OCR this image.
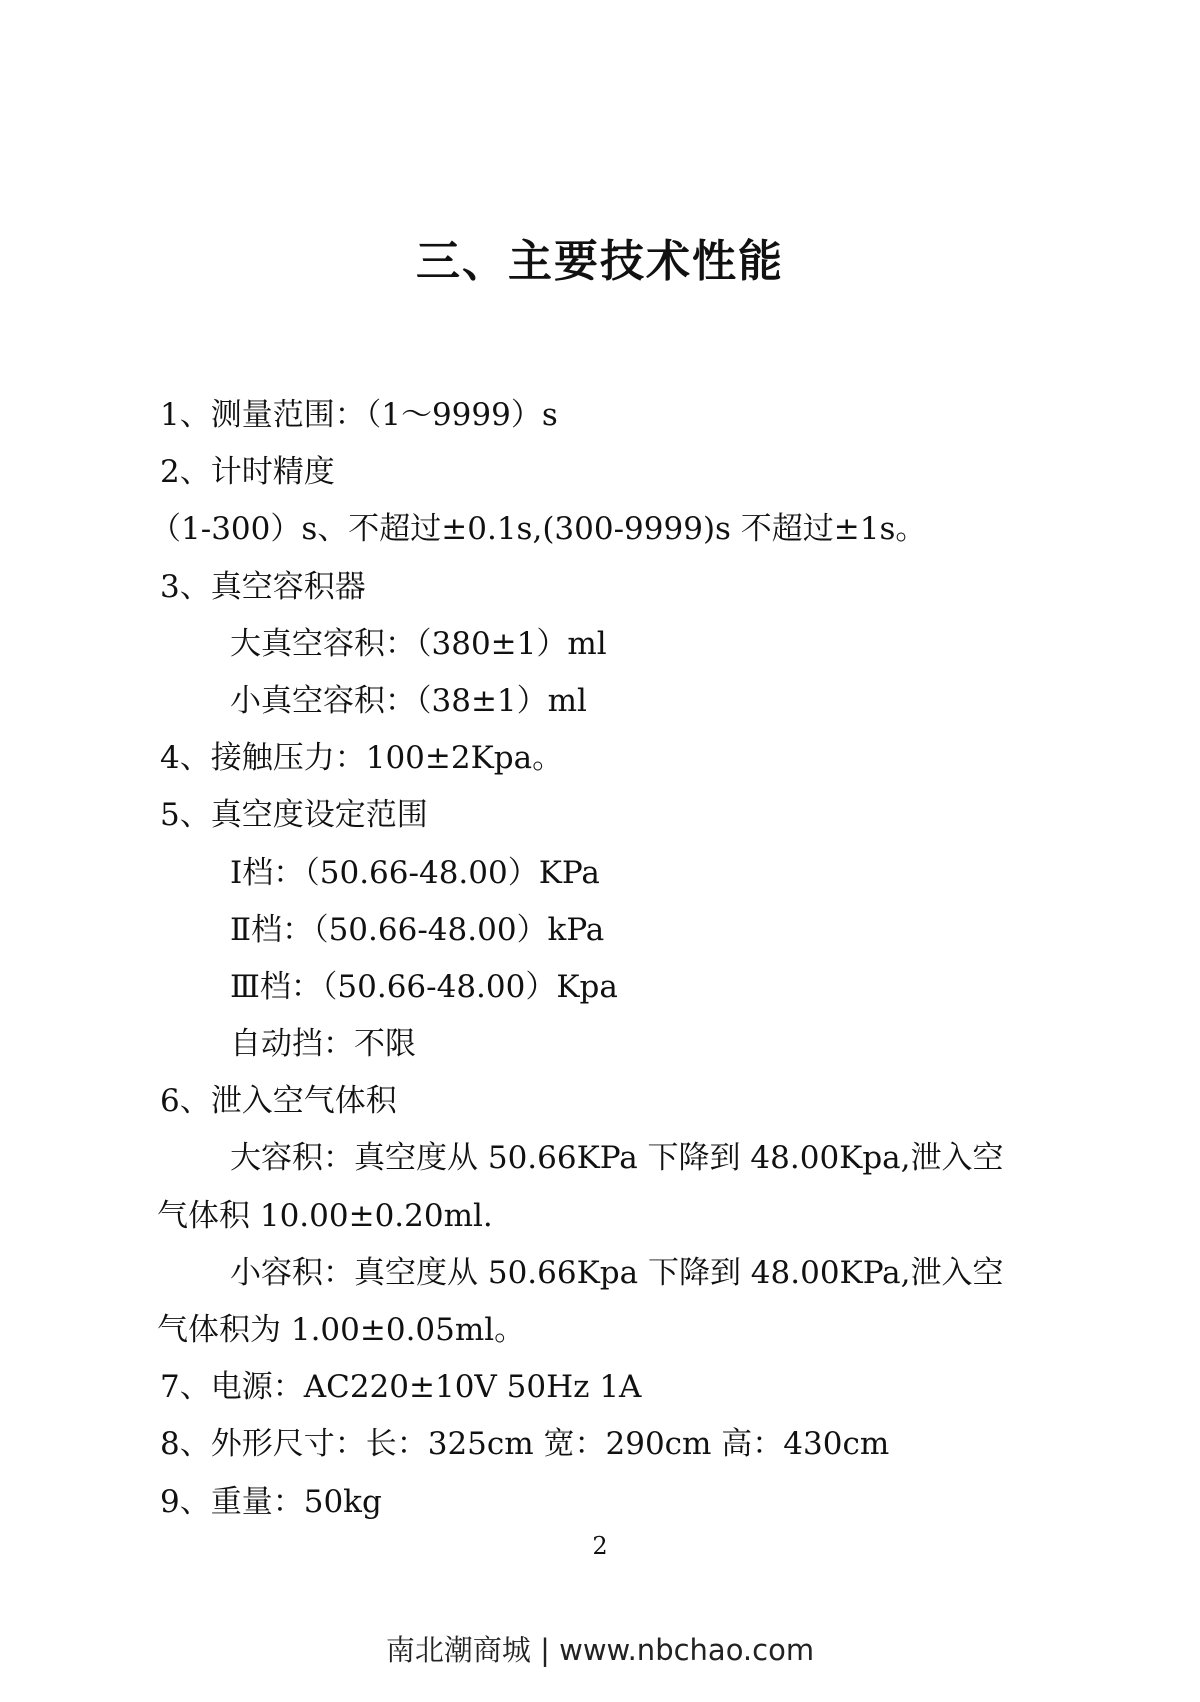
三、主要技术性能
1、测量范围：（1～9999）s
2、计时精度
（1-300）s、不超过±0.1s,(300-9999)s 不超过±1s。
3、真空容积器
大真空容积：（380±1）ml
小真空容积：（38±1）ml
4、接触压力：100±2Kpa。
5、真空度设定范围
Ⅰ档：（50.66-48.00）KPa
Ⅱ档：（50.66-48.00）kPa
Ⅲ档：（50.66-48.00）Kpa
自动挡：不限
6、泄入空气体积
大容积：真空度从 50.66KPa 下降到 48.00Kpa,泄入空
气体积 10.00±0.20ml.
小容积：真空度从 50.66Kpa 下降到 48.00KPa,泄入空
气体积为 1.00±0.05ml。
7、电源：AC220±10V 50Hz 1A
8、外形尺寸：长：325cm 宽：290cm 高：430cm
9、重量：50kg
2
南北潮商城 | www.nbchao.com
